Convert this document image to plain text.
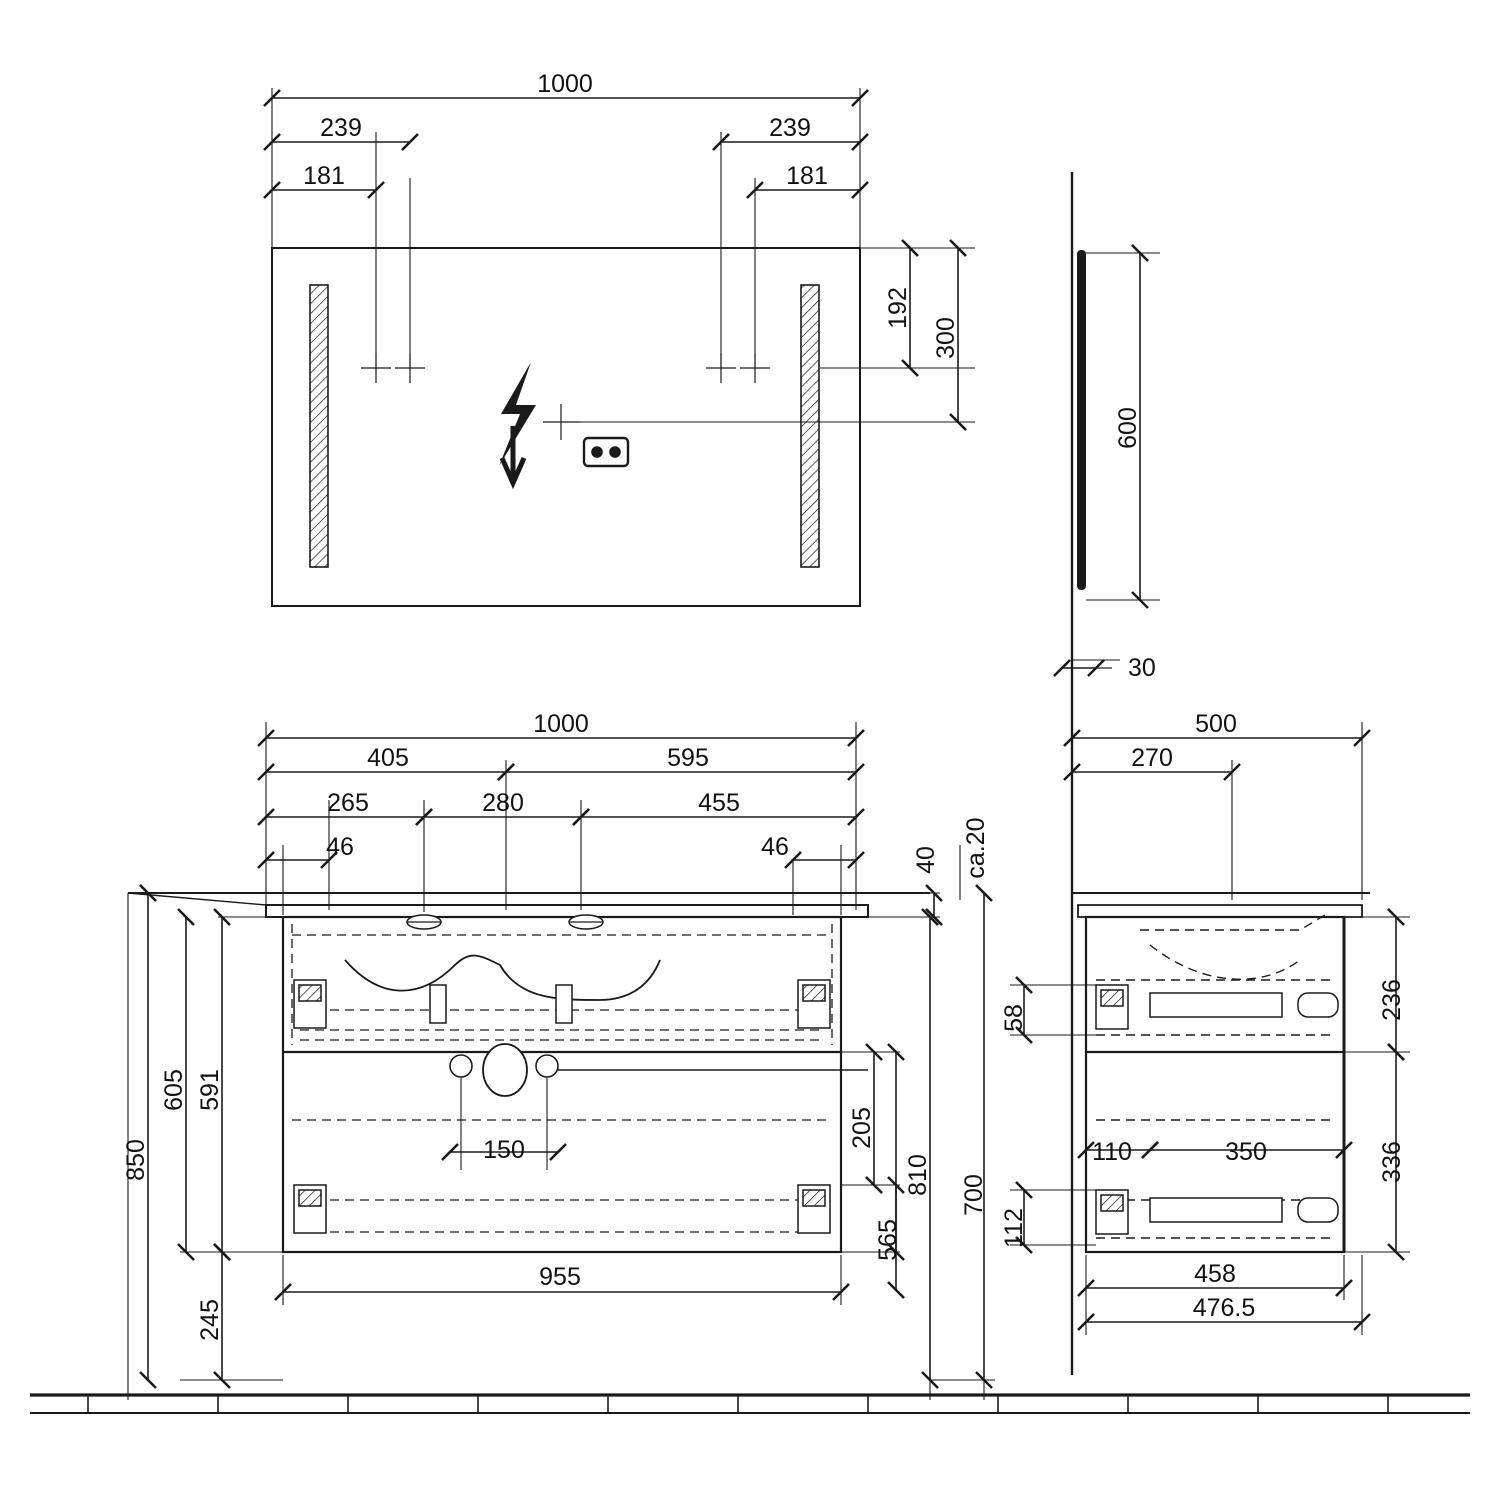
1000
239
181
239
181
192
300
600
30
1000
405	595
265	280	455
46	46	40 ca.20
605 591
850
245
205
565
810 700
150
955
500
270
58
112
110	350
236
336
458
476.5
